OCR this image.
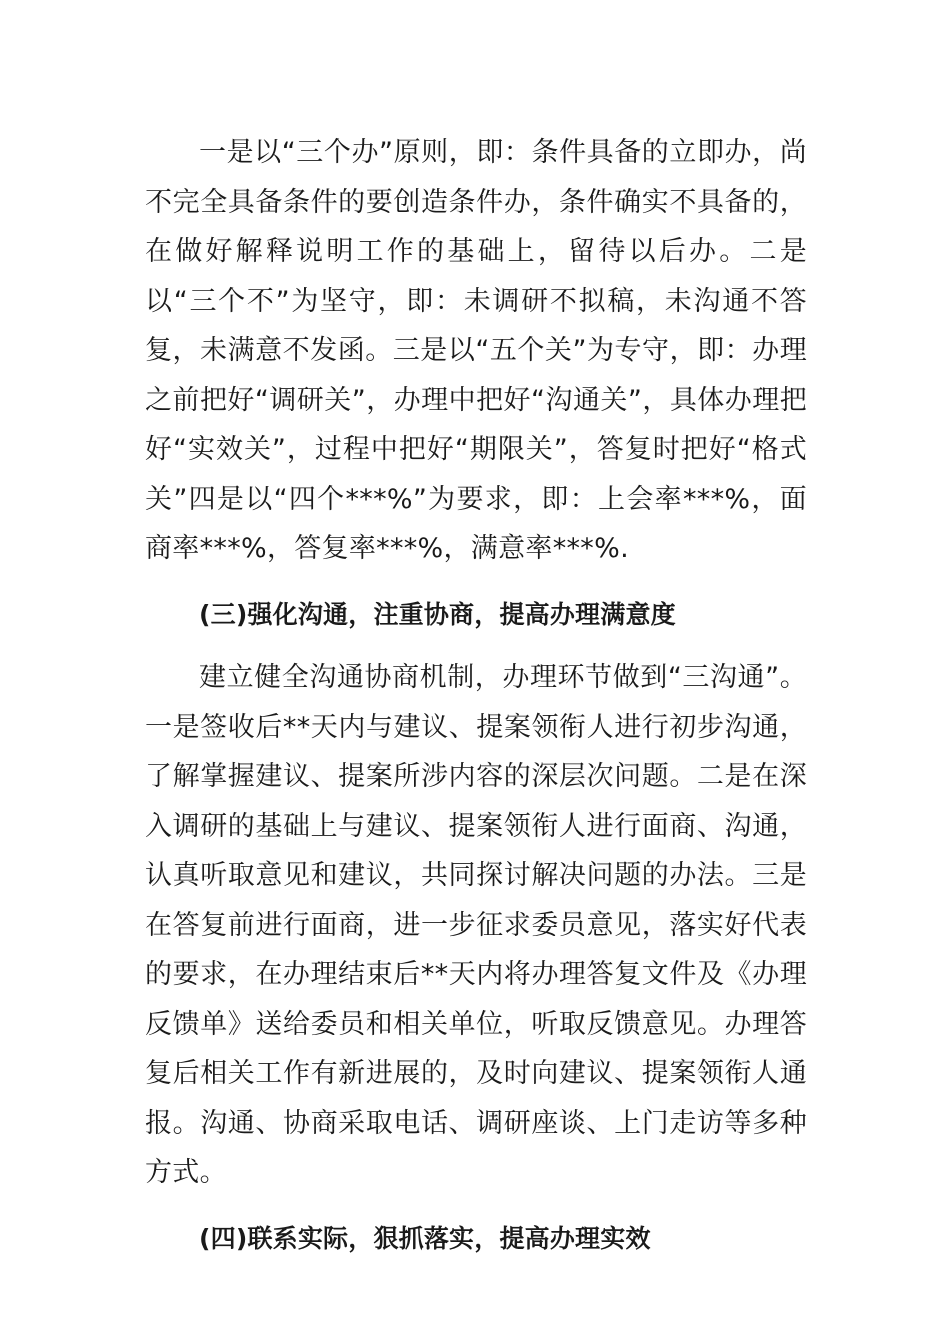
一是以“三个办”原则，即：条件具备的立即办，尚不完全具备条件的要创造条件办，条件确实不具备的，在做好解释说明工作的基础上，留待以后办。二是以“三个不”为坚守，即：未调研不拟稿，未沟通不答复，未满意不发函。三是以“五个关”为专守，即：办理之前把好“调研关”，办理中把好“沟通关”，具体办理把好“实效关”，过程中把好“期限关”，答复时把好“格式关”四是以“四个***%”为要求，即：上会率***%，面商率***%，答复率***%，满意率***%.

(三)强化沟通，注重协商，提高办理满意度

建立健全沟通协商机制，办理环节做到“三沟通”。一是签收后**天内与建议、提案领衔人进行初步沟通，了解掌握建议、提案所涉内容的深层次问题。二是在深入调研的基础上与建议、提案领衔人进行面商、沟通，认真听取意见和建议，共同探讨解决问题的办法。三是在答复前进行面商，进一步征求委员意见，落实好代表的要求，在办理结束后**天内将办理答复文件及《办理反馈单》送给委员和相关单位，听取反馈意见。办理答复后相关工作有新进展的，及时向建议、提案领衔人通报。沟通、协商采取电话、调研座谈、上门走访等多种方式。

(四)联系实际，狠抓落实，提高办理实效
